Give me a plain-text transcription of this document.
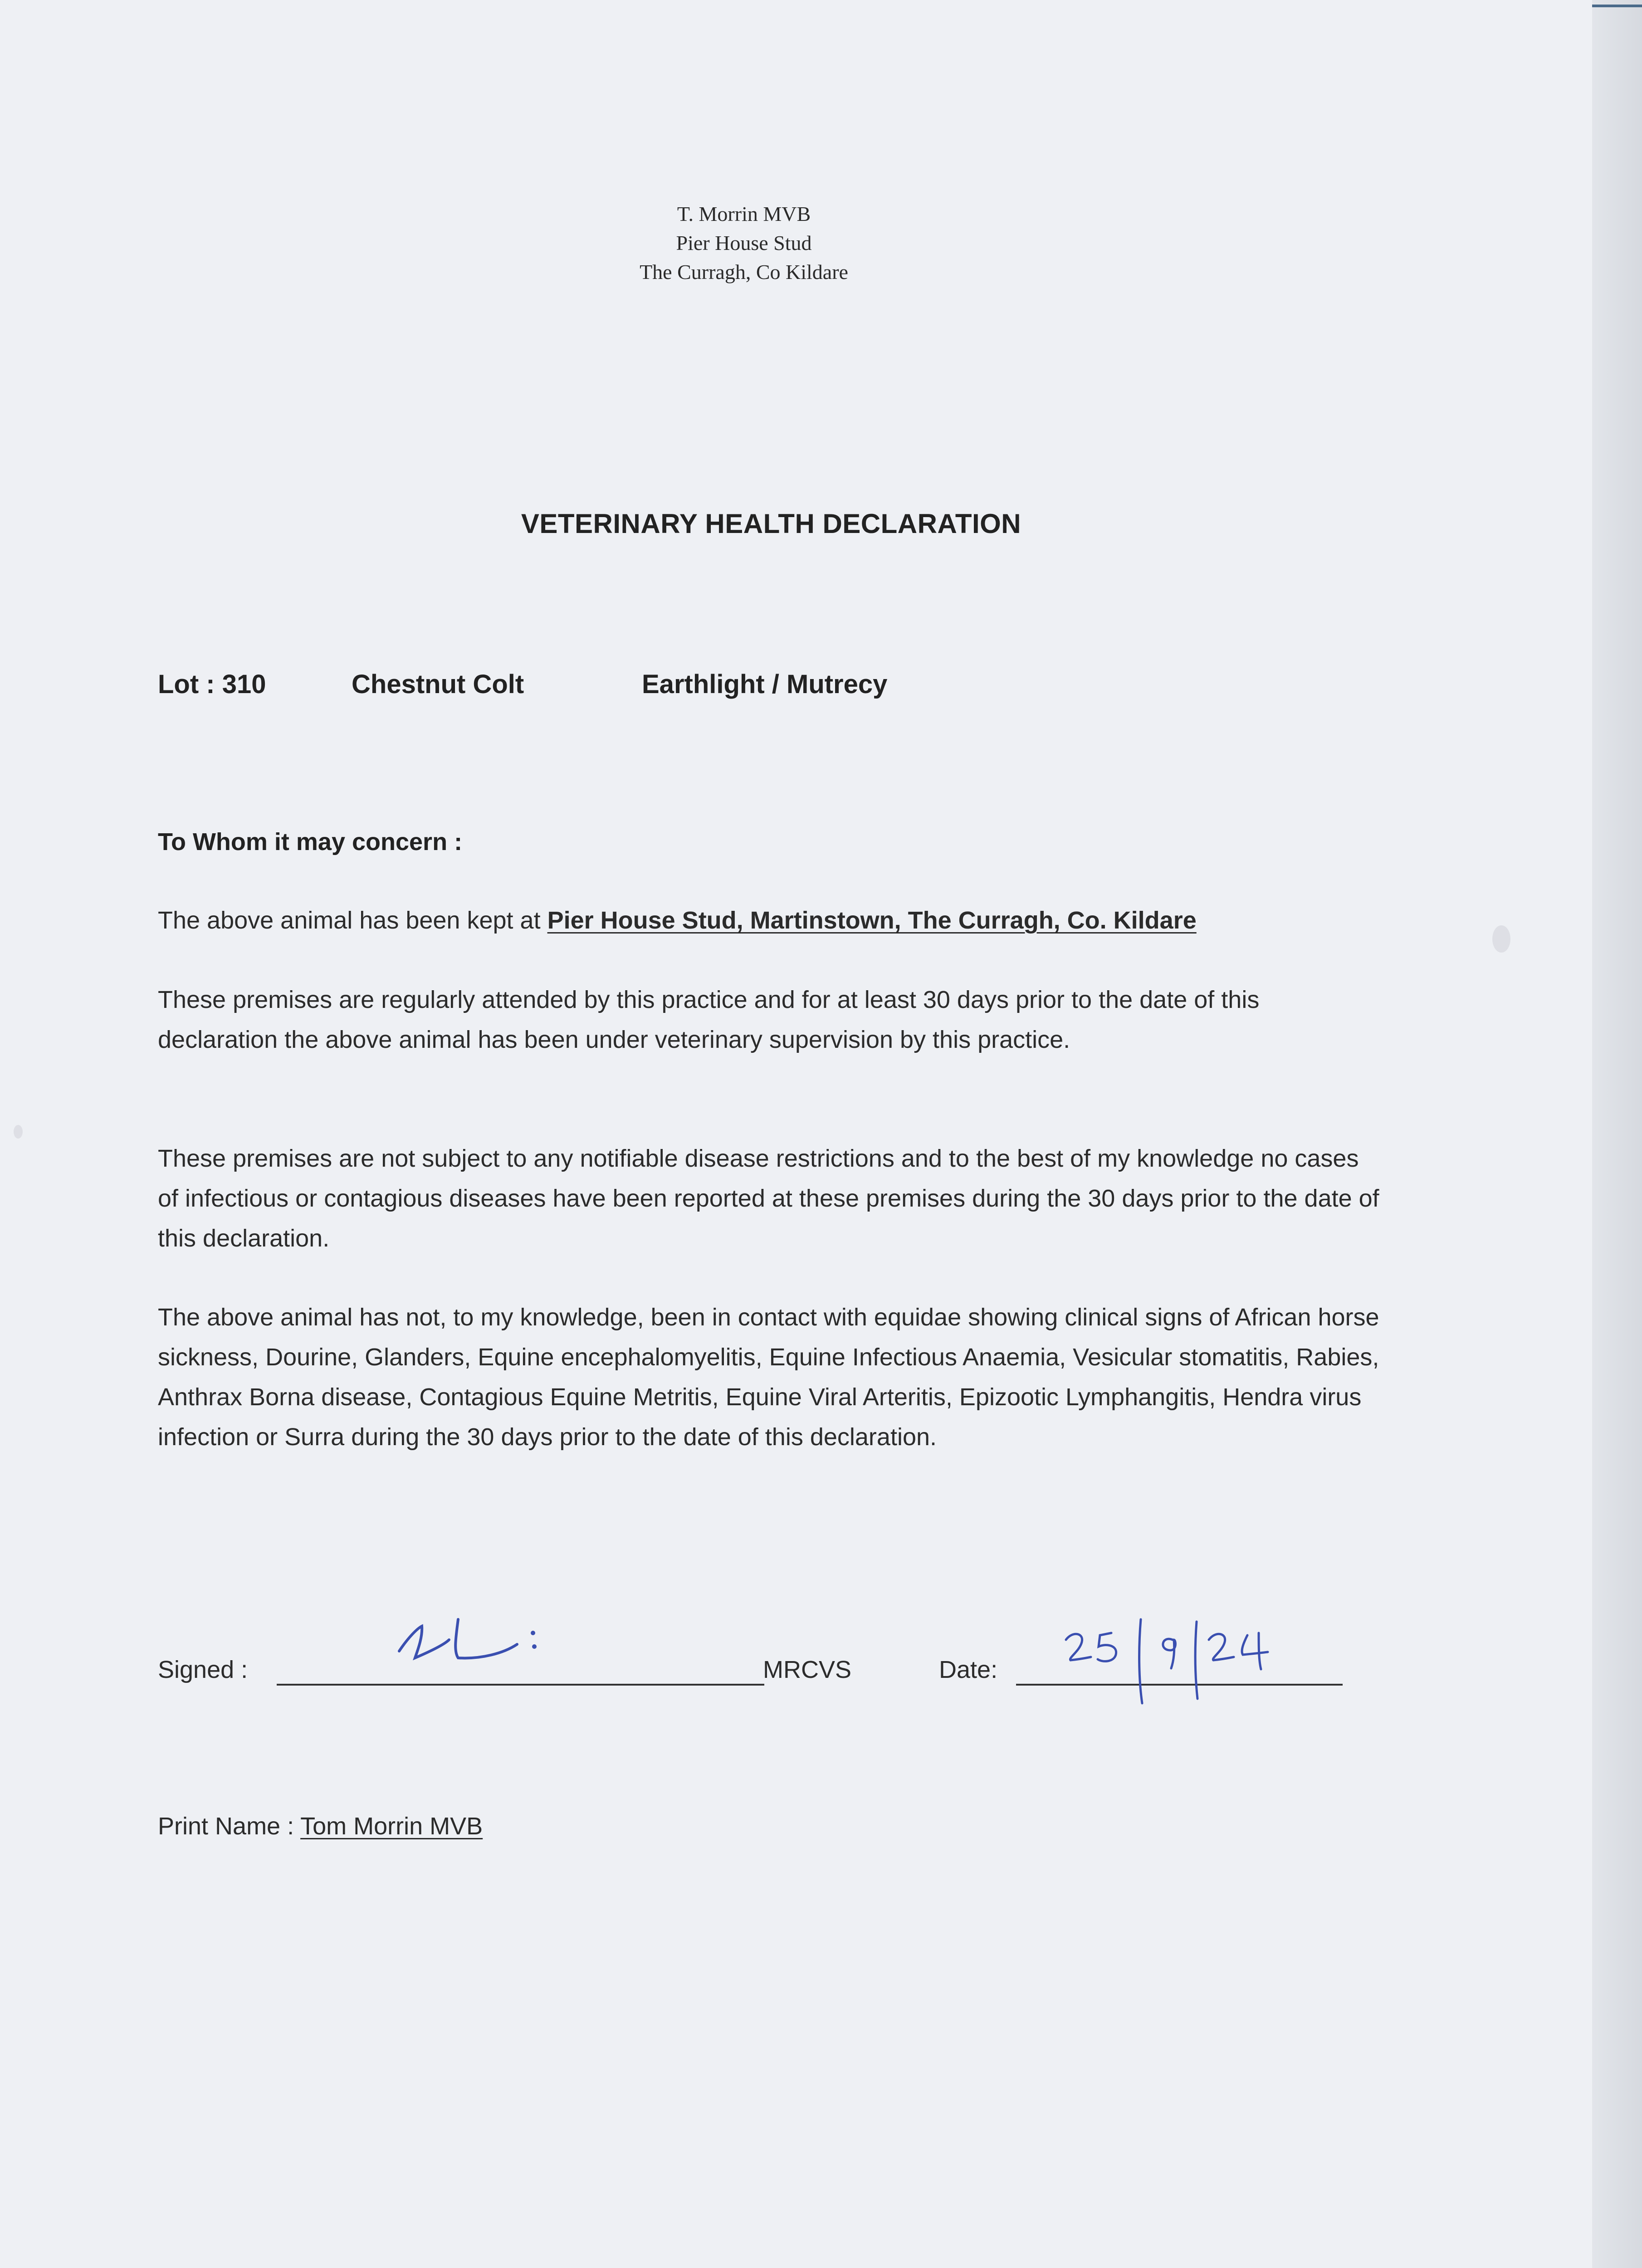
T. Morrin MVB
Pier House Stud
The Curragh, Co Kildare
VETERINARY HEALTH DECLARATION
Lot : 310	Chestnut Colt	Earthlight / Mutrecy
To Whom it may concern :
The above animal has been kept at Pier House Stud, Martinstown, The Curragh, Co. Kildare
These premises are regularly attended by this practice and for at least 30 days prior to the date of this declaration the above animal has been under veterinary supervision by this practice.
These premises are not subject to any notifiable disease restrictions and to the best of my knowledge no cases of infectious or contagious diseases have been reported at these premises during the 30 days prior to the date of this declaration.
The above animal has not, to my knowledge, been in contact with equidae showing clinical signs of African horse sickness, Dourine, Glanders, Equine encephalomyelitis, Equine Infectious Anaemia, Vesicular stomatitis, Rabies, Anthrax Borna disease, Contagious Equine Metritis, Equine Viral Arteritis, Epizootic Lymphangitis, Hendra virus infection or Surra during the 30 days prior to the date of this declaration.
Signed :	MRCVS	Date:
Print Name : Tom Morrin MVB
